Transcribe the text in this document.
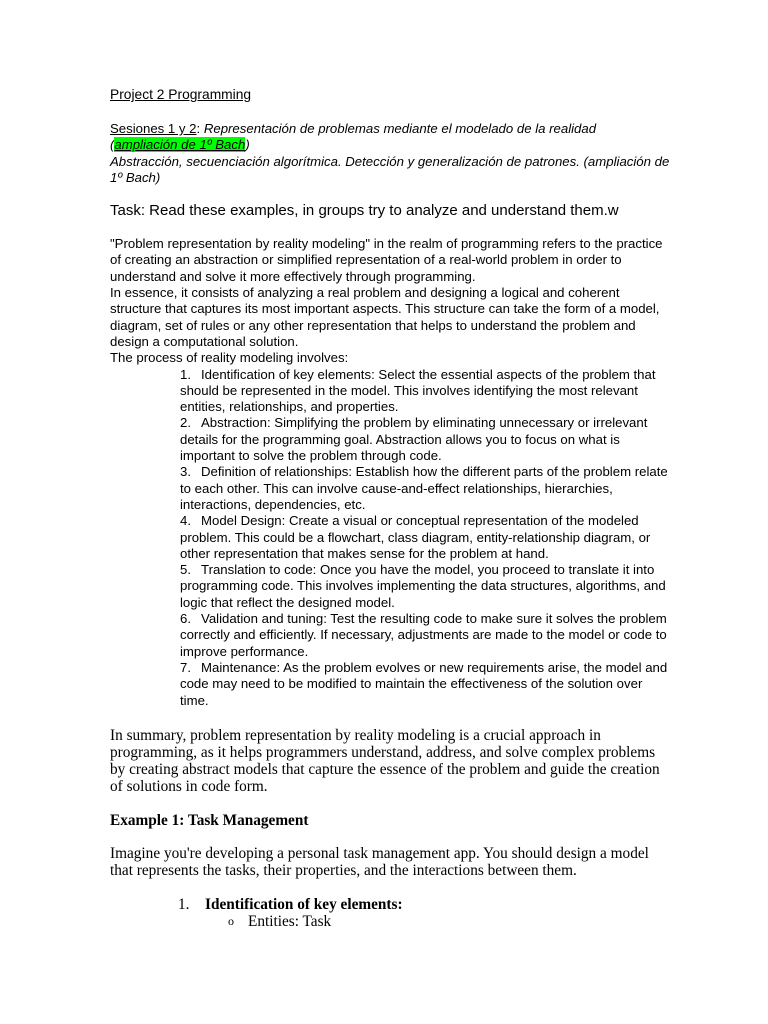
Project 2 Programming

Sesiones 1 y 2: Representación de problemas mediante el modelado de la realidad
(ampliación de 1º Bach)

Abstracción, secuenciación algorítmica. Detección y generalización de patrones. (ampliación de 1º Bach)

Task: Read these examples, in groups try to analyze and understand them.w

"Problem representation by reality modeling" in the realm of programming refers to the practice of creating an abstraction or simplified representation of a real-world problem in order to understand and solve it more effectively through programming.

In essence, it consists of analyzing a real problem and designing a logical and coherent structure that captures its most important aspects. This structure can take the form of a model, diagram, set of rules or any other representation that helps to understand the problem and design a computational solution.

The process of reality modeling involves:

1. Identification of key elements: Select the essential aspects of the problem that should be represented in the model. This involves identifying the most relevant entities, relationships, and properties.
2. Abstraction: Simplifying the problem by eliminating unnecessary or irrelevant details for the programming goal. Abstraction allows you to focus on what is important to solve the problem through code.
3. Definition of relationships: Establish how the different parts of the problem relate to each other. This can involve cause-and-effect relationships, hierarchies, interactions, dependencies, etc.
4. Model Design: Create a visual or conceptual representation of the modeled problem. This could be a flowchart, class diagram, entity-relationship diagram, or other representation that makes sense for the problem at hand.
5. Translation to code: Once you have the model, you proceed to translate it into programming code. This involves implementing the data structures, algorithms, and logic that reflect the designed model.
6. Validation and tuning: Test the resulting code to make sure it solves the problem correctly and efficiently. If necessary, adjustments are made to the model or code to improve performance.
7. Maintenance: As the problem evolves or new requirements arise, the model and code may need to be modified to maintain the effectiveness of the solution over time.

In summary, problem representation by reality modeling is a crucial approach in programming, as it helps programmers understand, address, and solve complex problems by creating abstract models that capture the essence of the problem and guide the creation of solutions in code form.

Example 1: Task Management

Imagine you're developing a personal task management app. You should design a model that represents the tasks, their properties, and the interactions between them.

1. Identification of key elements:
o Entities: Task
